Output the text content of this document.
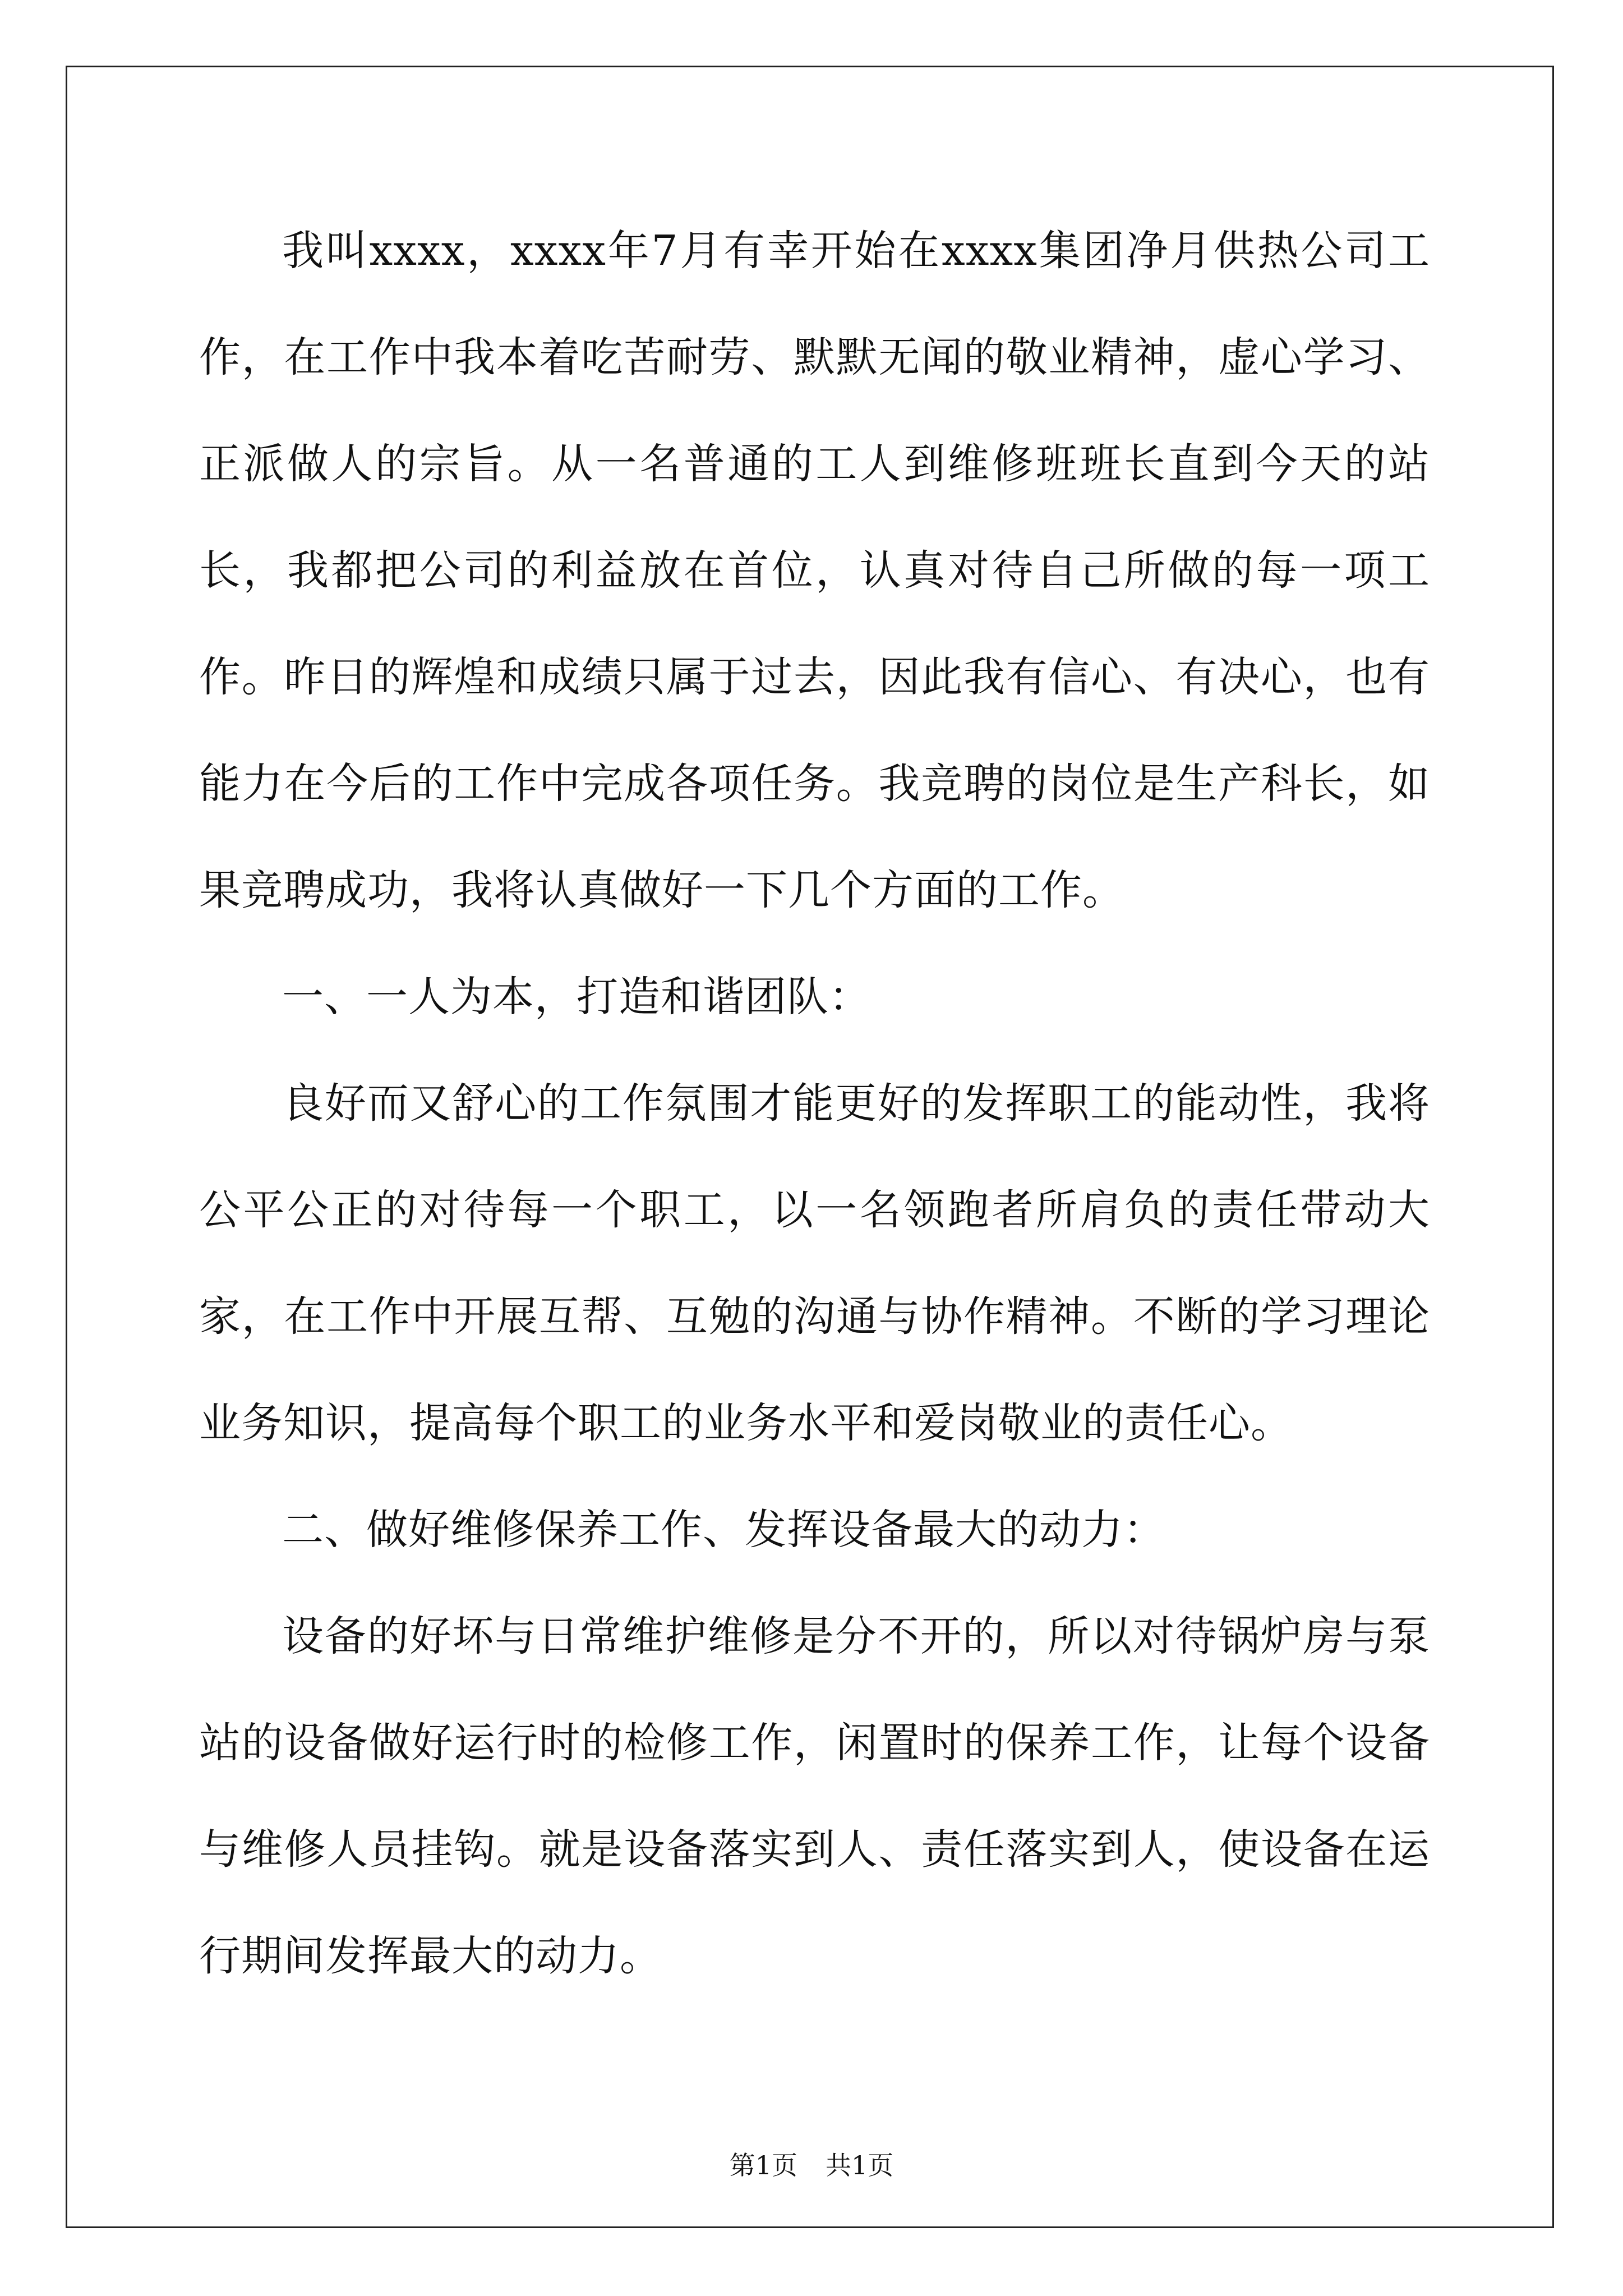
我叫xxxx，xxxx年7月有幸开始在xxxx集团净月供热公司工作，在工作中我本着吃苦耐劳、默默无闻的敬业精神，虚心学习、正派做人的宗旨。从一名普通的工人到维修班班长直到今天的站长，我都把公司的利益放在首位，认真对待自己所做的每一项工作。昨日的辉煌和成绩只属于过去，因此我有信心、有决心，也有能力在今后的工作中完成各项任务。我竞聘的岗位是生产科长，如果竞聘成功，我将认真做好一下几个方面的工作。

一、一人为本，打造和谐团队：

良好而又舒心的工作氛围才能更好的发挥职工的能动性，我将公平公正的对待每一个职工，以一名领跑者所肩负的责任带动大家，在工作中开展互帮、互勉的沟通与协作精神。不断的学习理论业务知识，提高每个职工的业务水平和爱岗敬业的责任心。

二、做好维修保养工作、发挥设备最大的动力：

设备的好坏与日常维护维修是分不开的，所以对待锅炉房与泵站的设备做好运行时的检修工作，闲置时的保养工作，让每个设备与维修人员挂钩。就是设备落实到人、责任落实到人，使设备在运行期间发挥最大的动力。

第1页 共1页
